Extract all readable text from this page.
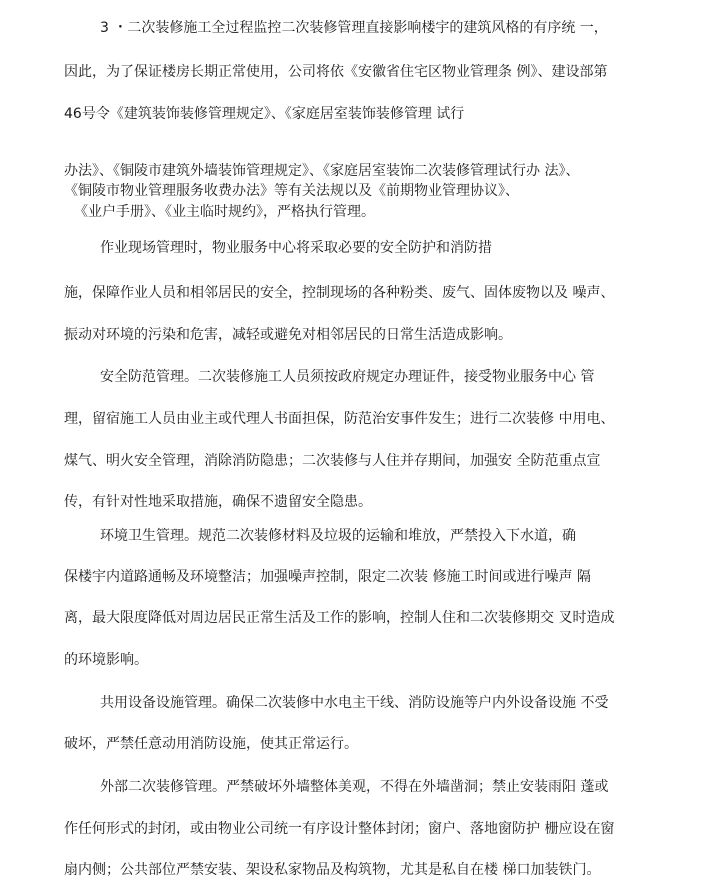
3 ・二次装修施工全过程监控二次装修管理直接影响楼宇的建筑风格的有序统 一，
因此，为了保证楼房长期正常使用，公司将依《安徽省住宅区物业管理条 例》、建设部第
46号令《建筑装饰装修管理规定》、《家庭居室装饰装修管理 试行
办法》、《铜陵市建筑外墙装饰管理规定》、《家庭居室装饰二次装修管理试行办 法》、
《铜陵市物业管理服务收费办法》等有关法规以及《前期物业管理协议》、
《业户手册》、《业主临时规约》，严格执行管理。
作业现场管理时，物业服务中心将采取必要的安全防护和消防措
施，保障作业人员和相邻居民的安全，控制现场的各种粉类、废气、固体废物以及 噪声、
振动对环境的污染和危害，减轻或避免对相邻居民的日常生活造成影响。
安全防范管理。二次装修施工人员须按政府规定办理证件，接受物业服务中心 管
理，留宿施工人员由业主或代理人书面担保，防范治安事件发生；进行二次装修 中用电、
煤气、明火安全管理，消除消防隐患；二次装修与人住并存期间，加强安 全防范重点宣
传，有针对性地采取措施，确保不遗留安全隐患。
环境卫生管理。规范二次装修材料及垃圾的运输和堆放，严禁投入下水道，确
保楼宇内道路通畅及环境整洁；加强噪声控制，限定二次装 修施工时间或进行噪声 隔
离，最大限度降低对周边居民正常生活及工作的影响，控制人住和二次装修期交 叉时造成
的环境影响。
共用设备设施管理。确保二次装修中水电主干线、消防设施等户内外设备设施 不受
破坏，严禁任意动用消防设施，使其正常运行。
外部二次装修管理。严禁破坏外墙整体美观，不得在外墙凿洞；禁止安装雨阳 蓬或
作任何形式的封闭，或由物业公司统一有序设计整体封闭；窗户、落地窗防护 栅应设在窗
扇内侧；公共部位严禁安装、架设私家物品及构筑物，尤其是私自在楼 梯口加装铁门。
